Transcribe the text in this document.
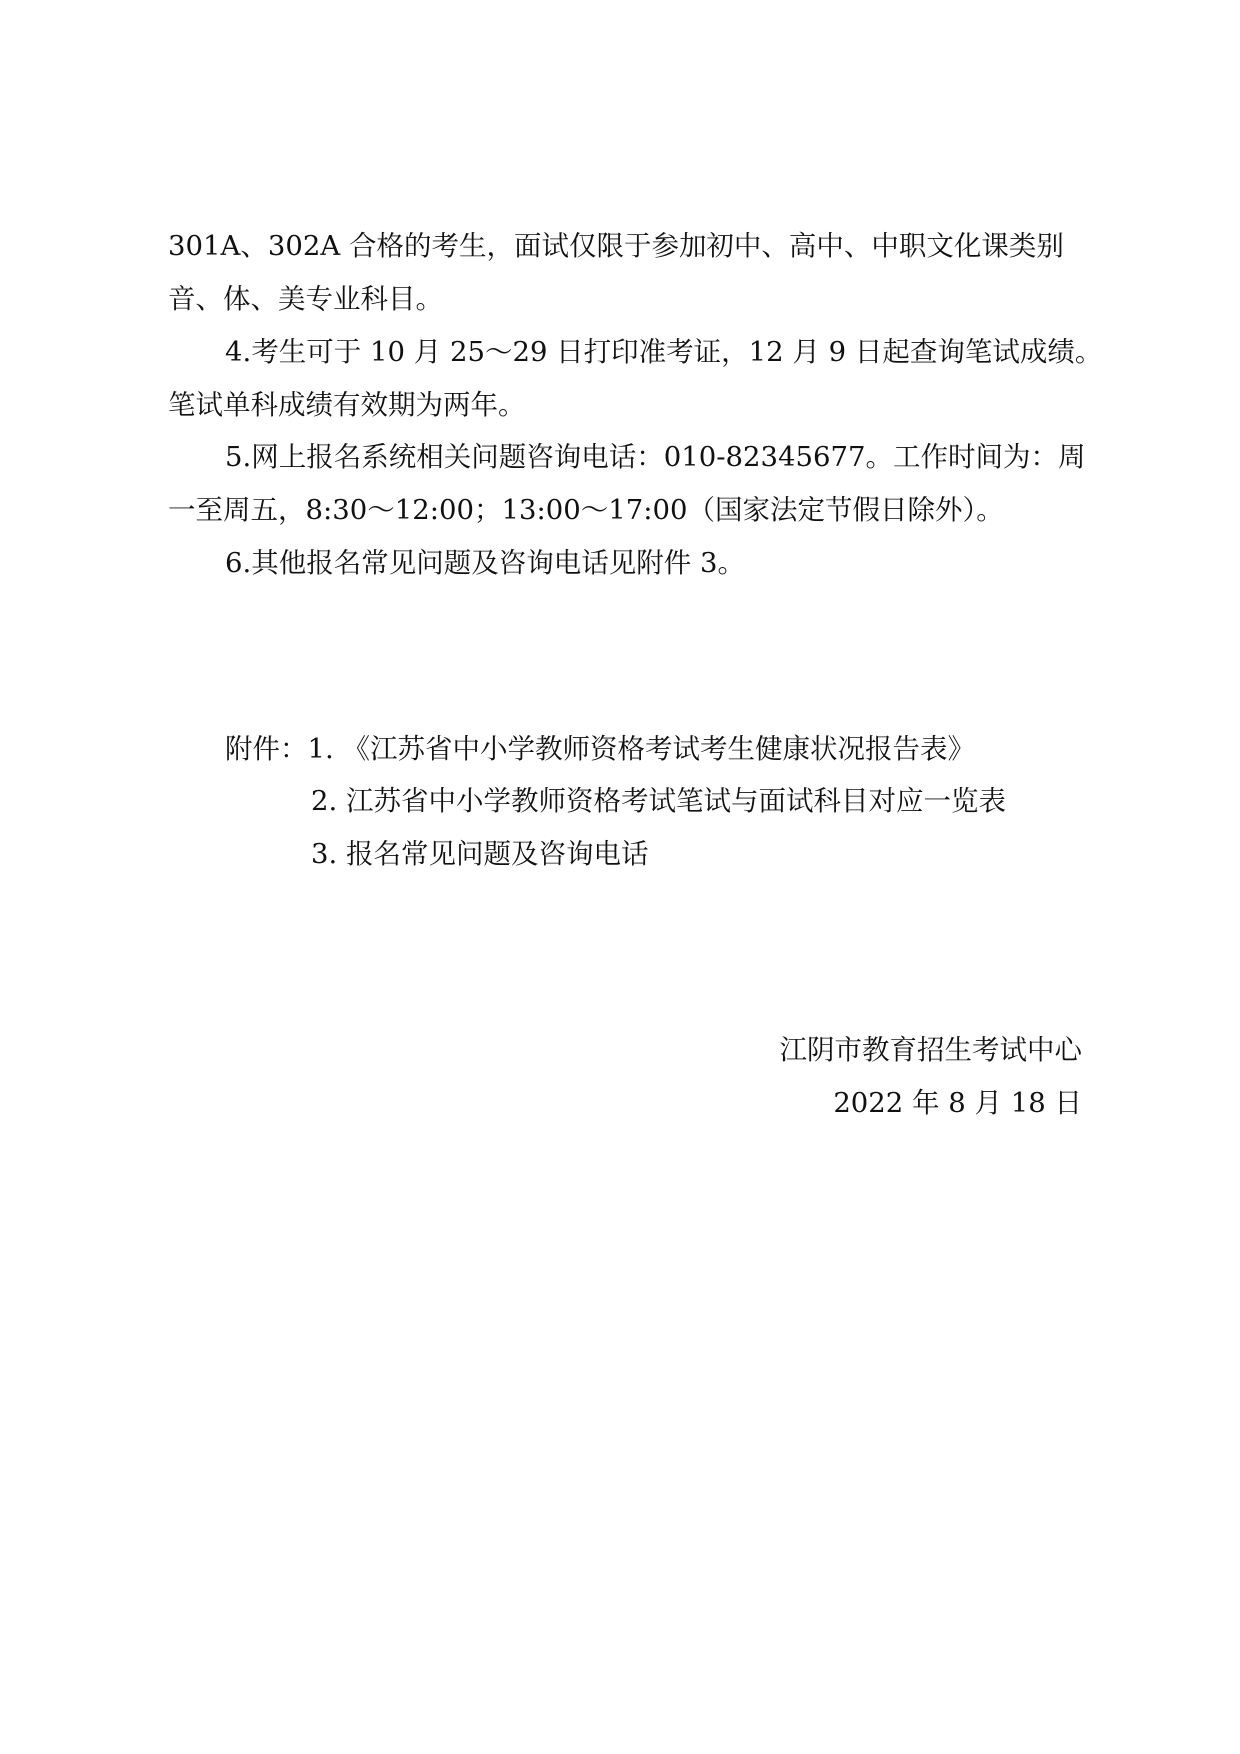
301A、302A 合格的考生，面试仅限于参加初中、高中、中职文化课类别
音、体、美专业科目。
4.考生可于 10 月 25～29 日打印准考证，12 月 9 日起查询笔试成绩。
笔试单科成绩有效期为两年。
5.网上报名系统相关问题咨询电话：010-82345677。工作时间为：周
一至周五，8:30～12:00；13:00～17:00（国家法定节假日除外）。
6.其他报名常见问题及咨询电话见附件 3。
附件：1. 《江苏省中小学教师资格考试考生健康状况报告表》
2. 江苏省中小学教师资格考试笔试与面试科目对应一览表
3. 报名常见问题及咨询电话
江阴市教育招生考试中心
2022 年 8 月 18 日
